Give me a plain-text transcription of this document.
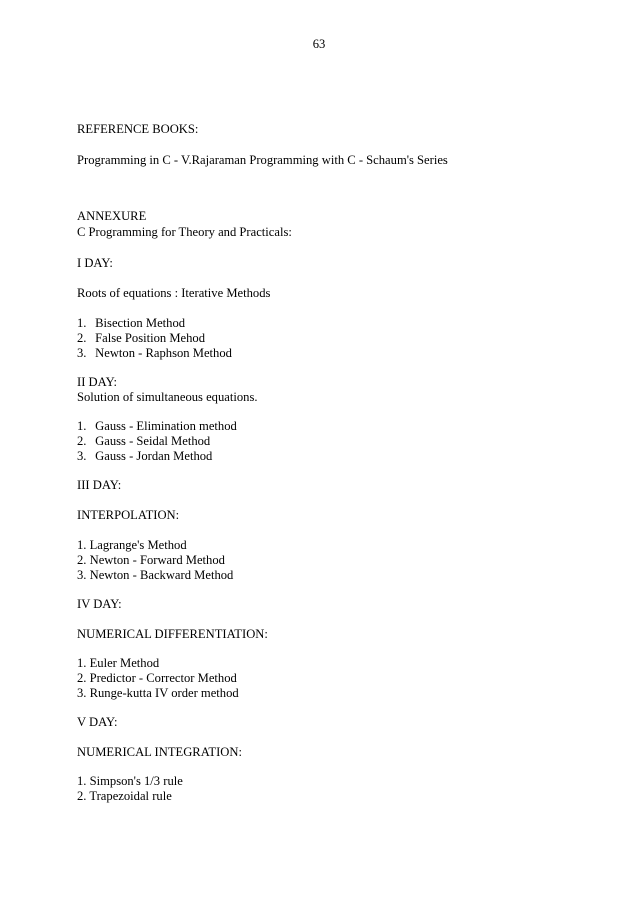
63
REFERENCE BOOKS:
Programming in C - V.Rajaraman Programming with C - Schaum's Series
ANNEXURE
C Programming for Theory and Practicals:
I DAY:
Roots of equations : Iterative Methods
1. Bisection Method
2. False Position Mehod
3. Newton - Raphson Method
II DAY:
Solution of simultaneous equations.
1. Gauss - Elimination method
2. Gauss - Seidal Method
3. Gauss - Jordan Method
III DAY:
INTERPOLATION:
1. Lagrange's Method
2. Newton - Forward Method
3. Newton - Backward Method
IV DAY:
NUMERICAL DIFFERENTIATION:
1. Euler Method
2. Predictor - Corrector Method
3. Runge-kutta IV order method
V DAY:
NUMERICAL INTEGRATION:
1. Simpson's 1/3 rule
2. Trapezoidal rule
